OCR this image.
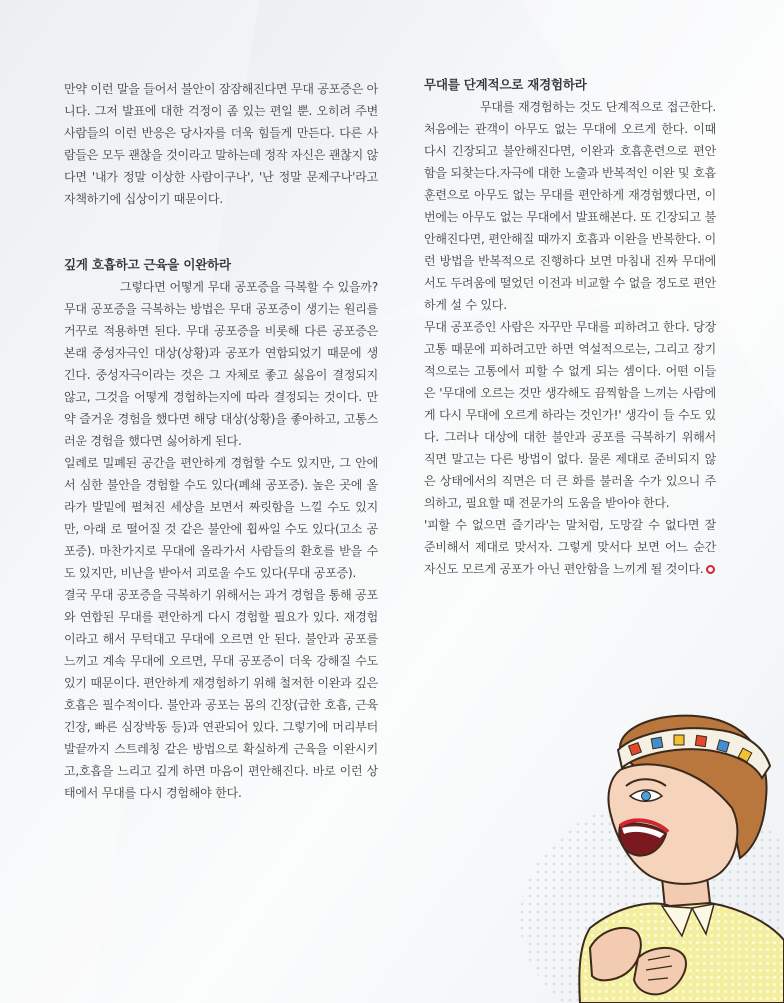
만약 이런 말을 들어서 불안이 잠잠해진다면 무대 공포증은 아니다. 그저 발표에 대한 걱정이 좀 있는 편일 뿐. 오히려 주변 사람들의 이런 반응은 당사자를 더욱 힘들게 만든다. 다른 사람들은 모두 괜찮을 것이라고 말하는데 정작 자신은 괜찮지 않다면 '내가 정말 이상한 사람이구나', '난 정말 문제구나'라고 자책하기에 십상이기 때문이다.

깊게 호흡하고 근육을 이완하라

그렇다면 어떻게 무대 공포증을 극복할 수 있을까?무대 공포증을 극복하는 방법은 무대 공포증이 생기는 원리를 거꾸로 적용하면 된다. 무대 공포증을 비롯해 다른 공포증은 본래 중성자극인 대상(상황)과 공포가 연합되었기 때문에 생긴다. 중성자극이라는 것은 그 자체로 좋고 싫음이 결정되지 않고, 그것을 어떻게 경험하는지에 따라 결정되는 것이다. 만약 즐거운 경험을 했다면 해당 대상(상황)을 좋아하고, 고통스러운 경험을 했다면 싫어하게 된다.

일례로 밀폐된 공간을 편안하게 경험할 수도 있지만, 그 안에서 심한 불안을 경험할 수도 있다(폐쇄 공포증). 높은 곳에 올라가 발밑에 펼쳐진 세상을 보면서 짜릿함을 느낄 수도 있지만, 아래 로 떨어질 것 같은 불안에 휩싸일 수도 있다(고소 공포증). 마찬가지로 무대에 올라가서 사람들의 환호를 받을 수도 있지만, 비난을 받아서 괴로울 수도 있다(무대 공포증).

결국 무대 공포증을 극복하기 위해서는 과거 경험을 통해 공포와 연합된 무대를 편안하게 다시 경험할 필요가 있다. 재경험이라고 해서 무턱대고 무대에 오르면 안 된다. 불안과 공포를 느끼고 계속 무대에 오르면, 무대 공포증이 더욱 강해질 수도 있기 때문이다. 편안하게 재경험하기 위해 철저한 이완과 깊은 호흡은 필수적이다. 불안과 공포는 몸의 긴장(급한 호흡, 근육 긴장, 빠른 심장박동 등)과 연관되어 있다. 그렇기에 머리부터 발끝까지 스트레칭 같은 방법으로 확실하게 근육을 이완시키고,호흡을 느리고 깊게 하면 마음이 편안해진다. 바로 이런 상태에서 무대를 다시 경험해야 한다.

무대를 단계적으로 재경험하라

무대를 재경험하는 것도 단계적으로 접근한다. 처음에는 관객이 아무도 없는 무대에 오르게 한다. 이때 다시 긴장되고 불안해진다면, 이완과 호흡훈련으로 편안함을 되찾는다.자극에 대한 노출과 반복적인 이완 및 호흡훈련으로 아무도 없는 무대를 편안하게 재경험했다면, 이번에는 아무도 없는 무대에서 발표해본다. 또 긴장되고 불안해진다면, 편안해질 때까지 호흡과 이완을 반복한다. 이런 방법을 반복적으로 진행하다 보면 마침내 진짜 무대에서도 두려움에 떨었던 이전과 비교할 수 없을 정도로 편안하게 설 수 있다.

무대 공포증인 사람은 자꾸만 무대를 피하려고 한다. 당장 고통 때문에 피하려고만 하면 역설적으로는, 그리고 장기적으로는 고통에서 피할 수 없게 되는 셈이다. 어떤 이들은 '무대에 오르는 것만 생각해도 끔찍함을 느끼는 사람에게 다시 무대에 오르게 하라는 것인가!' 생각이 들 수도 있다. 그러나 대상에 대한 불안과 공포를 극복하기 위해서 직면 말고는 다른 방법이 없다. 물론 제대로 준비되지 않은 상태에서의 직면은 더 큰 화를 불러올 수가 있으니 주의하고, 필요할 때 전문가의 도움을 받아야 한다.

'피할 수 없으면 즐기라'는 말처럼, 도망갈 수 없다면 잘 준비해서 제대로 맞서자. 그렇게 맞서다 보면 어느 순간 자신도 모르게 공포가 아닌 편안함을 느끼게 될 것이다.
